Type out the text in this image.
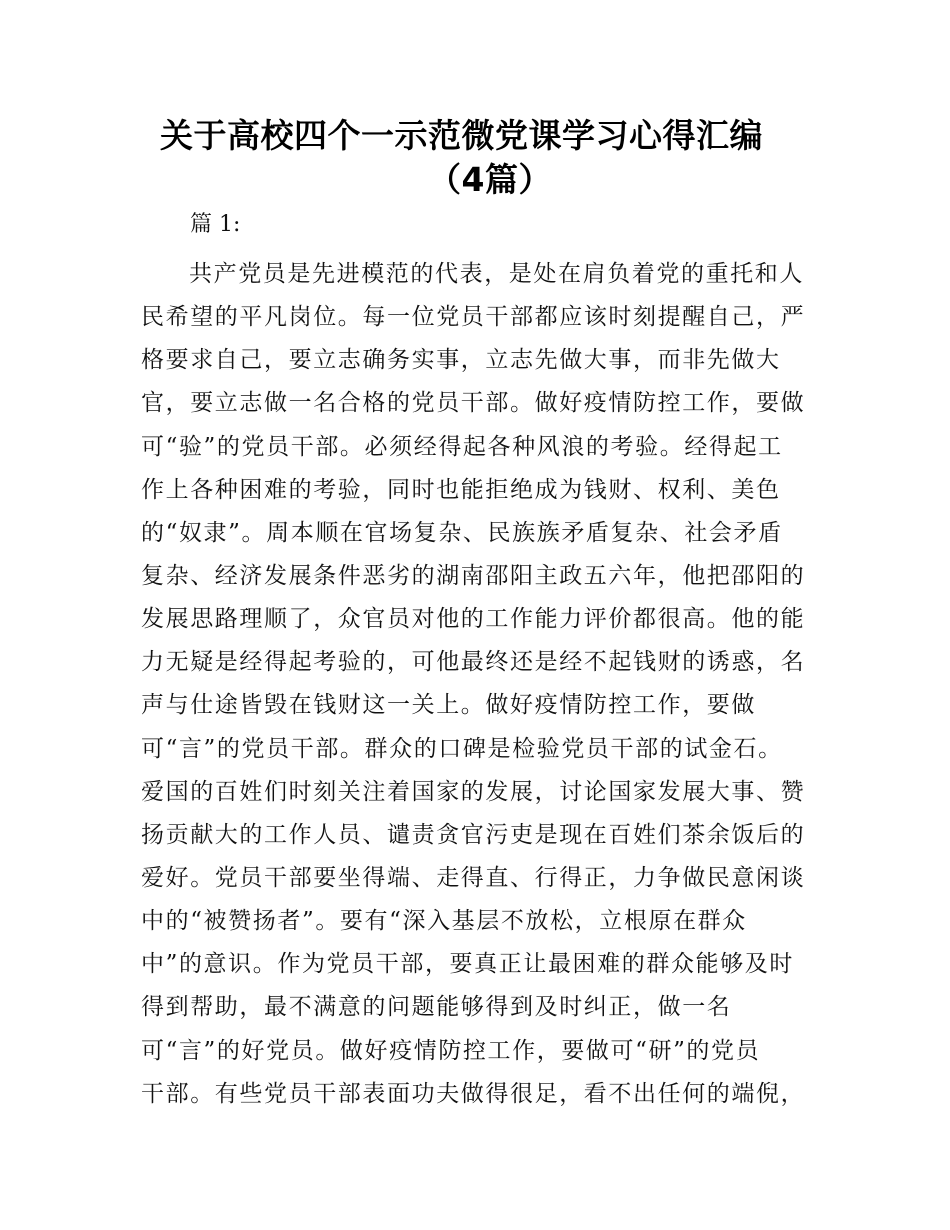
关于高校四个一示范微党课学习心得汇编
（4篇）
篇 1:
共产党员是先进模范的代表，是处在肩负着党的重托和人
民希望的平凡岗位。每一位党员干部都应该时刻提醒自己，严
格要求自己，要立志确务实事，立志先做大事，而非先做大
官，要立志做一名合格的党员干部。做好疫情防控工作，要做
可“验”的党员干部。必须经得起各种风浪的考验。经得起工
作上各种困难的考验，同时也能拒绝成为钱财、权利、美色
的“奴隶”。周本顺在官场复杂、民族族矛盾复杂、社会矛盾
复杂、经济发展条件恶劣的湖南邵阳主政五六年，他把邵阳的
发展思路理顺了，众官员对他的工作能力评价都很高。他的能
力无疑是经得起考验的，可他最终还是经不起钱财的诱惑，名
声与仕途皆毁在钱财这一关上。做好疫情防控工作，要做
可“言”的党员干部。群众的口碑是检验党员干部的试金石。
爱国的百姓们时刻关注着国家的发展，讨论国家发展大事、赞
扬贡献大的工作人员、谴责贪官污吏是现在百姓们茶余饭后的
爱好。党员干部要坐得端、走得直、行得正，力争做民意闲谈
中的“被赞扬者”。要有“深入基层不放松，立根原在群众
中”的意识。作为党员干部，要真正让最困难的群众能够及时
得到帮助，最不满意的问题能够得到及时纠正，做一名
可“言”的好党员。做好疫情防控工作，要做可“研”的党员
干部。有些党员干部表面功夫做得很足，看不出任何的端倪，
